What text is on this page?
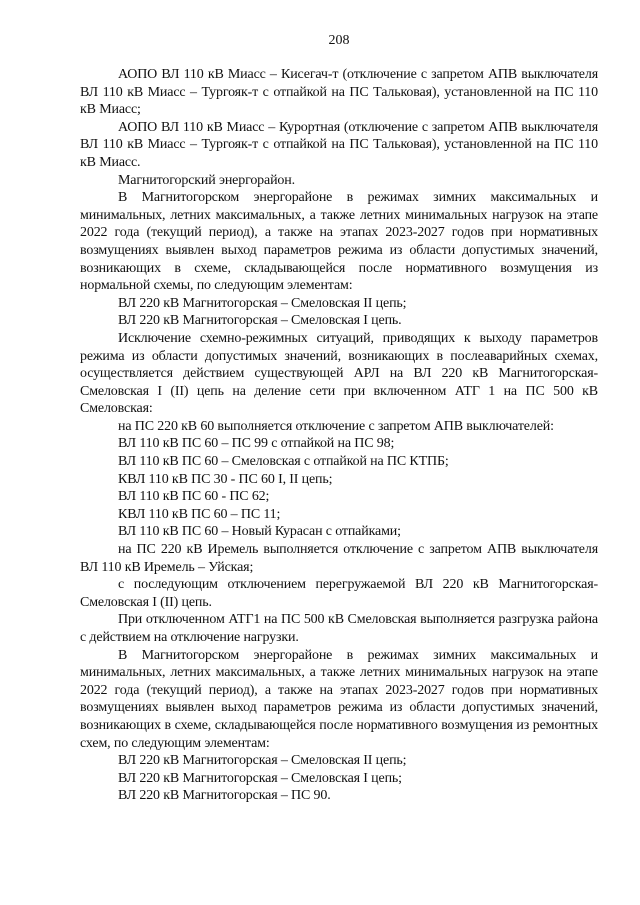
208

АОПО ВЛ 110 кВ Миасс – Кисегач-т (отключение с запретом АПВ выключателя ВЛ 110 кВ Миасс – Тургояк-т с отпайкой на ПС Тальковая), установленной на ПС 110 кВ Миасс;

АОПО ВЛ 110 кВ Миасс – Курортная (отключение с запретом АПВ выключателя ВЛ 110 кВ Миасс – Тургояк-т с отпайкой на ПС Тальковая), установленной на ПС 110 кВ Миасс.

Магнитогорский энергорайон.

В Магнитогорском энергорайоне в режимах зимних максимальных и минимальных, летних максимальных, а также летних минимальных нагрузок на этапе 2022 года (текущий период), а также на этапах 2023-2027 годов при нормативных возмущениях выявлен выход параметров режима из области допустимых значений, возникающих в схеме, складывающейся после нормативного возмущения из нормальной схемы, по следующим элементам:

ВЛ 220 кВ Магнитогорская – Смеловская II цепь;

ВЛ 220 кВ Магнитогорская – Смеловская I цепь.

Исключение схемно-режимных ситуаций, приводящих к выходу параметров режима из области допустимых значений, возникающих в послеаварийных схемах, осуществляется действием существующей АРЛ на ВЛ 220 кВ Магнитогорская-Смеловская I (II) цепь на деление сети при включенном АТГ 1 на ПС 500 кВ Смеловская:

на ПС 220 кВ 60 выполняется отключение с запретом АПВ выключателей:

ВЛ 110 кВ ПС 60 – ПС 99 с отпайкой на ПС 98;

ВЛ 110 кВ ПС 60 – Смеловская с отпайкой на ПС КТПБ;

КВЛ 110 кВ ПС 30 - ПС 60 I, II цепь;

ВЛ 110 кВ ПС 60 - ПС 62;

КВЛ 110 кВ ПС 60 – ПС 11;

ВЛ 110 кВ ПС 60 – Новый Курасан с отпайками;

на ПС 220 кВ Иремель выполняется отключение с запретом АПВ выключателя ВЛ 110 кВ Иремель – Уйская;

с последующим отключением перегружаемой ВЛ 220 кВ Магнитогорская-Смеловская I (II) цепь.

При отключенном АТГ1 на ПС 500 кВ Смеловская выполняется разгрузка района с действием на отключение нагрузки.

В Магнитогорском энергорайоне в режимах зимних максимальных и минимальных, летних максимальных, а также летних минимальных нагрузок на этапе 2022 года (текущий период), а также на этапах 2023-2027 годов при нормативных возмущениях выявлен выход параметров режима из области допустимых значений, возникающих в схеме, складывающейся после нормативного возмущения из ремонтных схем, по следующим элементам:

ВЛ 220 кВ Магнитогорская – Смеловская II цепь;

ВЛ 220 кВ Магнитогорская – Смеловская I цепь;

ВЛ 220 кВ Магнитогорская – ПС 90.
